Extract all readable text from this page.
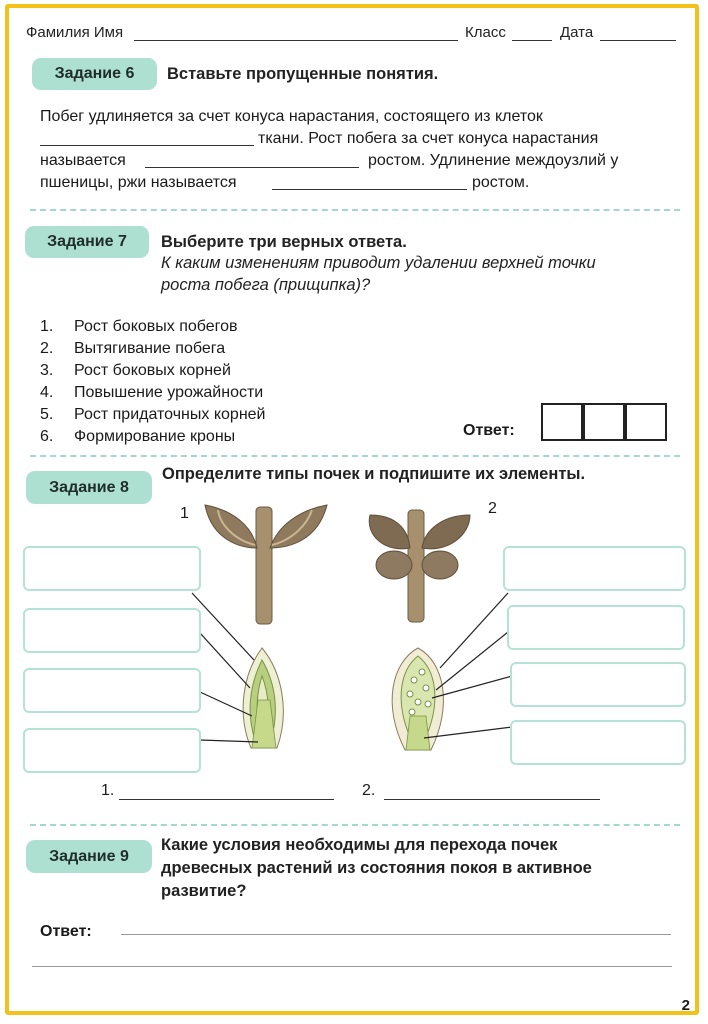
Фамилия Имя	Класс	Дата
Задание 6	Вставьте пропущенные понятия.
Побег удлиняется за счет конуса нарастания, состоящего из клеток
ткани. Рост побега за счет конуса нарастания
называется	ростом. Удлинение междоузлий у
пшеницы, ржи называется	ростом.
Задание 7	Выберите три верных ответа.
К каким изменениям приводит удалении верхней точки
роста побега (прищипка)?
1. Рост боковых побегов
2. Вытягивание побега
3. Рост боковых корней
4. Повышение урожайности
5. Рост придаточных корней
6. Формирование кроны	Ответ:
Задание 8
Определите типы почек и подпишите их элементы.
1	2
1.	2.
Задание 9
Какие условия необходимы для перехода почек
древесных растений из состояния покоя в активное
развитие?
Ответ:
2
